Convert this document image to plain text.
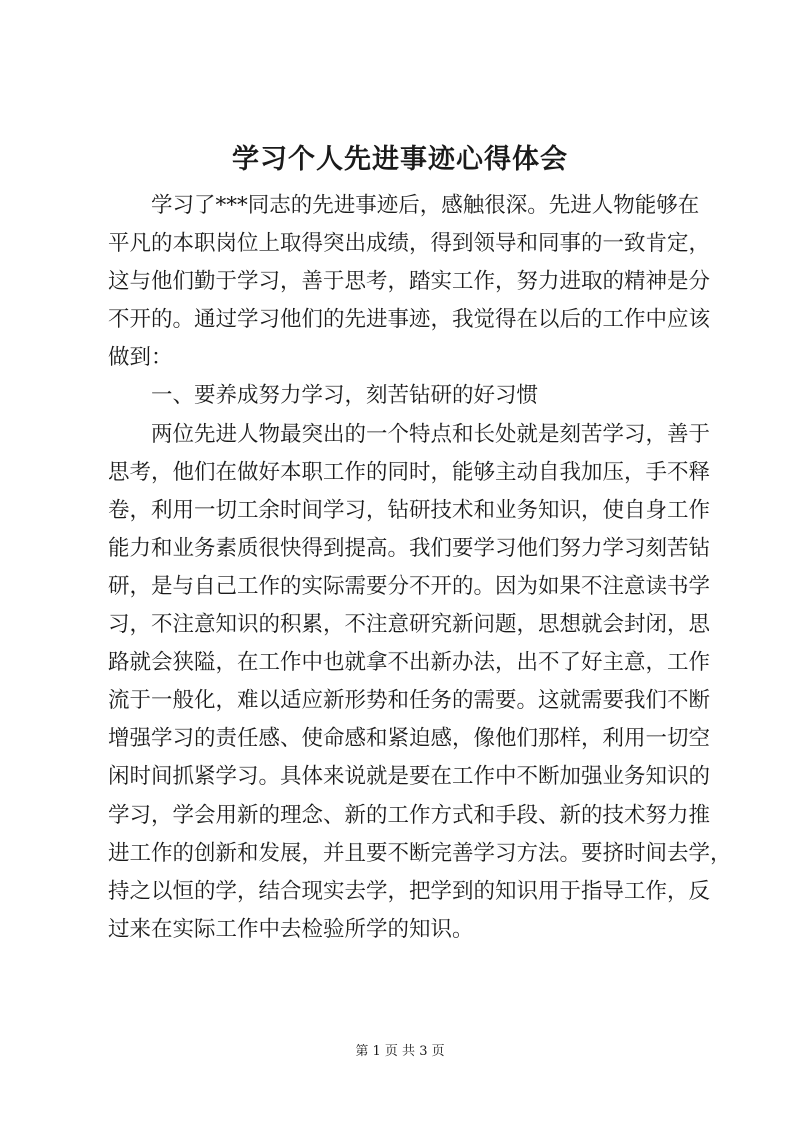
学习个人先进事迹心得体会
学习了***同志的先进事迹后，感触很深。先进人物能够在
平凡的本职岗位上取得突出成绩，得到领导和同事的一致肯定，
这与他们勤于学习，善于思考，踏实工作，努力进取的精神是分
不开的。通过学习他们的先进事迹，我觉得在以后的工作中应该
做到：
一、要养成努力学习，刻苦钻研的好习惯
两位先进人物最突出的一个特点和长处就是刻苦学习，善于
思考，他们在做好本职工作的同时，能够主动自我加压，手不释
卷，利用一切工余时间学习，钻研技术和业务知识，使自身工作
能力和业务素质很快得到提高。我们要学习他们努力学习刻苦钻
研，是与自己工作的实际需要分不开的。因为如果不注意读书学
习，不注意知识的积累，不注意研究新问题，思想就会封闭，思
路就会狭隘，在工作中也就拿不出新办法，出不了好主意，工作
流于一般化，难以适应新形势和任务的需要。这就需要我们不断
增强学习的责任感、使命感和紧迫感，像他们那样，利用一切空
闲时间抓紧学习。具体来说就是要在工作中不断加强业务知识的
学习，学会用新的理念、新的工作方式和手段、新的技术努力推
进工作的创新和发展，并且要不断完善学习方法。要挤时间去学，
持之以恒的学，结合现实去学，把学到的知识用于指导工作，反
过来在实际工作中去检验所学的知识。
第 1 页 共 3 页
